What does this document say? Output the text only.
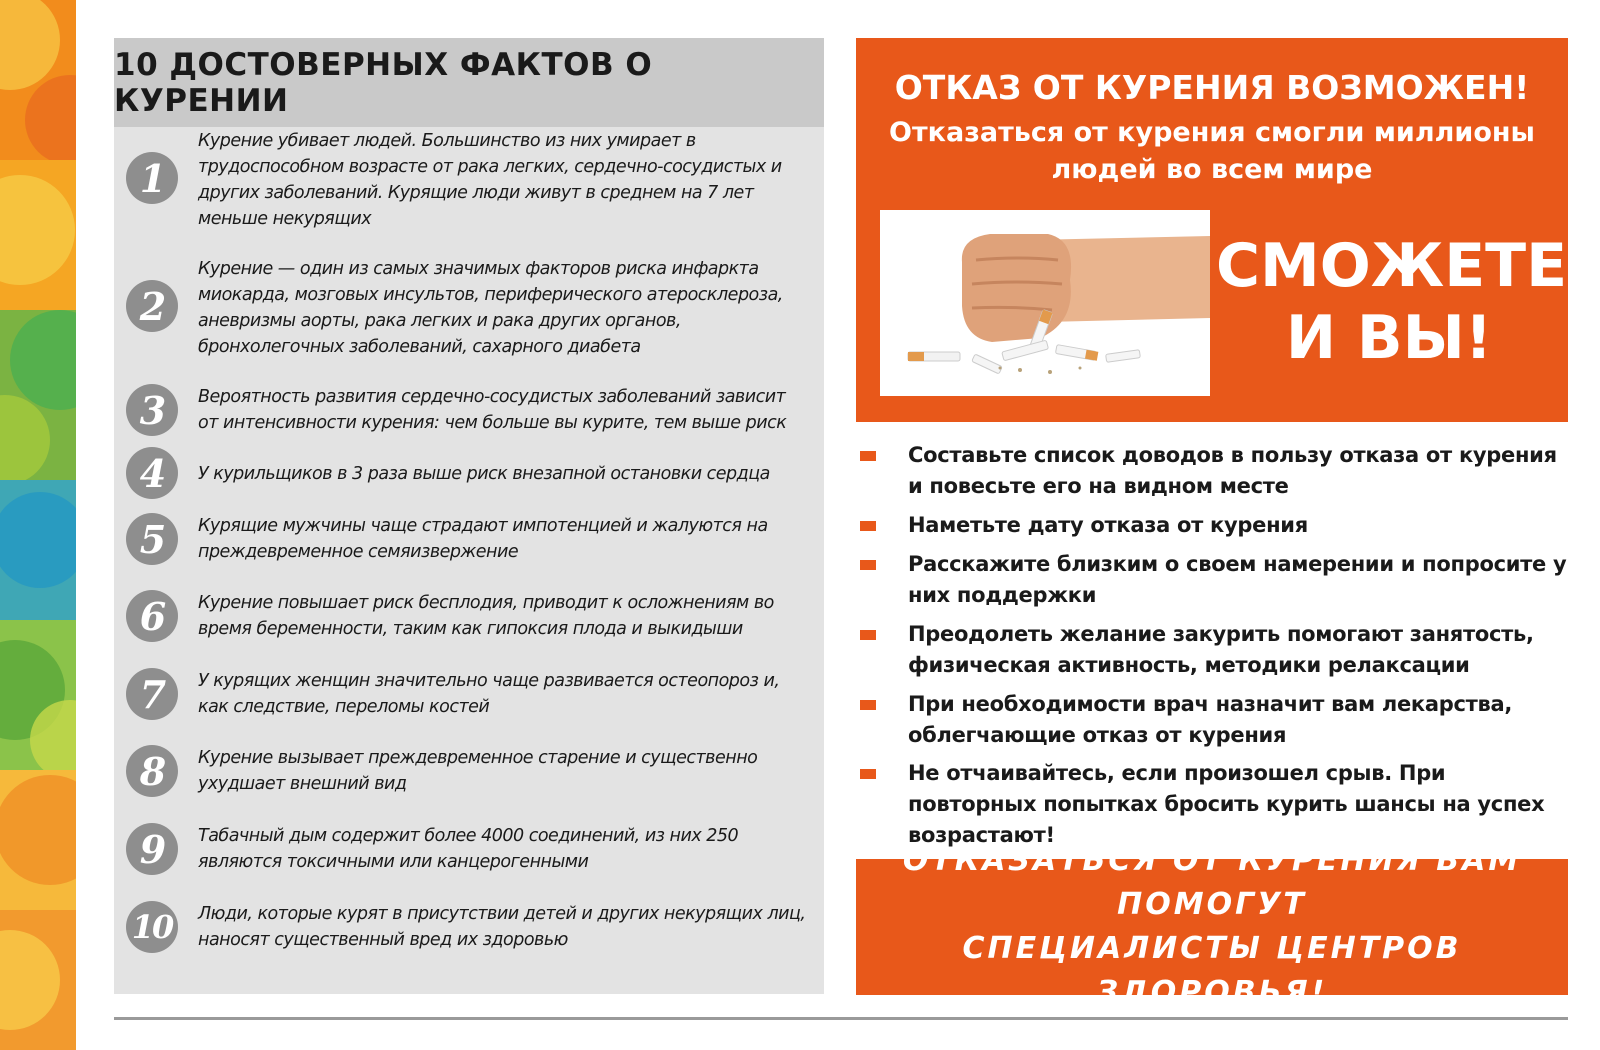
10 ДОСТОВЕРНЫХ ФАКТОВ О КУРЕНИИ
1
Курение убивает людей. Большинство из них умирает в трудоспособном возрасте от рака легких, сердечно-сосудистых и других заболеваний. Курящие люди живут в среднем на 7 лет меньше некурящих
2
Курение — один из самых значимых факторов риска инфаркта миокарда, мозговых инсультов, периферического атеросклероза, аневризмы аорты, рака легких и рака других органов, бронхолегочных заболеваний, сахарного диабета
3	Вероятность развития сердечно-сосудистых заболеваний зависит от интенсивности курения: чем больше вы курите, тем выше риск
4	У курильщиков в 3 раза выше риск внезапной остановки сердца
5	Курящие мужчины чаще страдают импотенцией и жалуются на преждевременное семяизвержение
6	Курение повышает риск бесплодия, приводит к осложнениям во время беременности, таким как гипоксия плода и выкидыши
7	У курящих женщин значительно чаще развивается остеопороз и, как следствие, переломы костей
8	Курение вызывает преждевременное старение и существенно ухудшает внешний вид
9	Табачный дым содержит более 4000 соединений, из них 250 являются токсичными или канцерогенными
10	Люди, которые курят в присутствии детей и других некурящих лиц, наносят существенный вред их здоровью
ОТКАЗ ОТ КУРЕНИЯ ВОЗМОЖЕН!
Отказаться от курения смогли миллионы людей во всем мире
СМОЖЕТЕ
И ВЫ!
Составьте список доводов в пользу отказа от курения и повесьте его на видном месте
Наметьте дату отказа от курения
Расскажите близким о своем намерении и попросите у них поддержки
Преодолеть желание закурить помогают занятость, физическая активность, методики релаксации
При необходимости врач назначит вам лекарства, облегчающие отказ от курения
Не отчаивайтесь, если произошел срыв. При повторных попытках бросить курить шансы на успех возрастают!
ОТКАЗАТЬСЯ ОТ КУРЕНИЯ ВАМ ПОМОГУТ
СПЕЦИАЛИСТЫ ЦЕНТРОВ ЗДОРОВЬЯ!
